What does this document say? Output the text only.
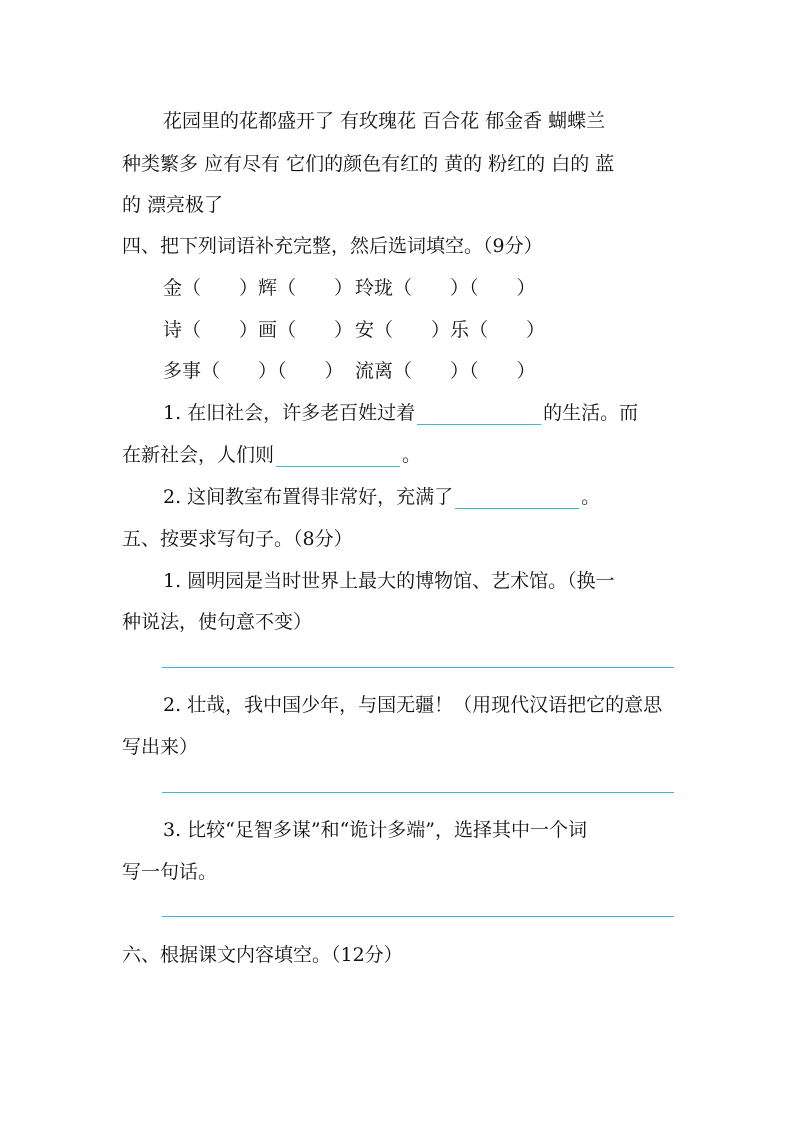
花园里的花都盛开了 有玫瑰花 百合花 郁金香 蝴蝶兰
种类繁多 应有尽有 它们的颜色有红的 黄的 粉红的 白的 蓝
的 漂亮极了
四、把下列词语补充完整，然后选词填空。（9分）
金（　　）辉（　　） 玲珑（　　）（　　）
诗（　　）画（　　） 安（　　）乐（　　）
多事（　　）（　　） 流离（　　）（　　）
1. 在旧社会，许多老百姓过着	的生活。而
在新社会，人们则	。
2. 这间教室布置得非常好，充满了	。
五、按要求写句子。（8分）
1. 圆明园是当时世界上最大的博物馆、艺术馆。（换一
种说法，使句意不变）
2. 壮哉，我中国少年，与国无疆！（用现代汉语把它的意思
写出来）
3. 比较“足智多谋”和“诡计多端”，选择其中一个词
写一句话。
六、根据课文内容填空。（12分）
